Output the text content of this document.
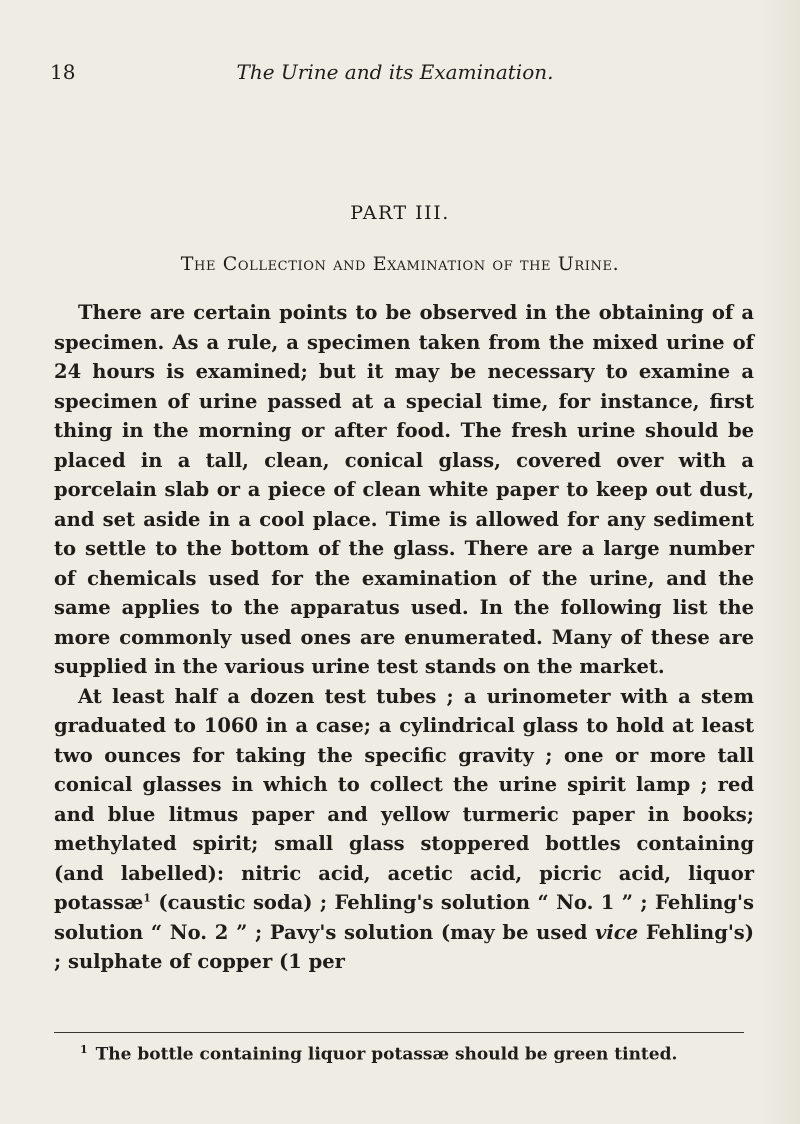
18	The Urine and its Examination.
PART III.
The Collection and Examination of the Urine.

There are certain points to be observed in the obtaining of a specimen. As a rule, a specimen taken from the mixed urine of 24 hours is examined; but it may be necessary to examine a specimen of urine passed at a special time, for instance, first thing in the morning or after food. The fresh urine should be placed in a tall, clean, conical glass, covered over with a porcelain slab or a piece of clean white paper to keep out dust, and set aside in a cool place. Time is allowed for any sediment to settle to the bottom of the glass. There are a large number of chemicals used for the examination of the urine, and the same applies to the apparatus used. In the following list the more commonly used ones are enumerated. Many of these are supplied in the various urine test stands on the market.

At least half a dozen test tubes ; a urinometer with a stem graduated to 1060 in a case; a cylindrical glass to hold at least two ounces for taking the specific gravity ; one or more tall conical glasses in which to collect the urine spirit lamp ; red and blue litmus paper and yellow turmeric paper in books; methylated spirit; small glass stoppered bottles containing (and labelled): nitric acid, acetic acid, picric acid, liquor potassæ$^1$ (caustic soda) ; Fehling's solution “ No. 1 ” ; Fehling's solution “ No. 2 ” ; Pavy's solution (may be used vice Fehling's) ; sulphate of copper (1 per

$^1$ The bottle containing liquor potassæ should be green tinted.
